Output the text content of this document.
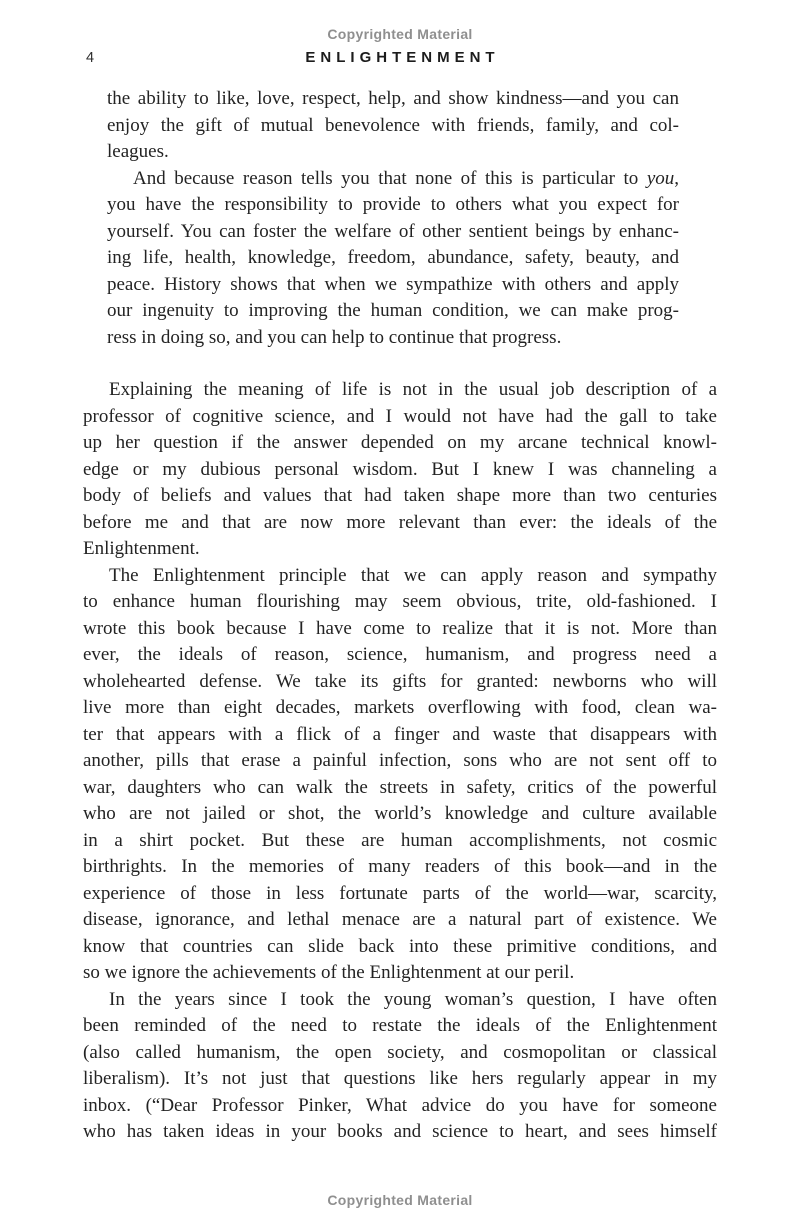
Copyrighted Material
4	ENLIGHTENMENT
the ability to like, love, respect, help, and show kindness—and you can
enjoy the gift of mutual benevolence with friends, family, and col-
leagues.
And because reason tells you that none of this is particular to you,
you have the responsibility to provide to others what you expect for
yourself. You can foster the welfare of other sentient beings by enhanc-
ing life, health, knowledge, freedom, abundance, safety, beauty, and
peace. History shows that when we sympathize with others and apply
our ingenuity to improving the human condition, we can make prog-
ress in doing so, and you can help to continue that progress.
Explaining the meaning of life is not in the usual job description of a
professor of cognitive science, and I would not have had the gall to take
up her question if the answer depended on my arcane technical knowl-
edge or my dubious personal wisdom. But I knew I was channeling a
body of beliefs and values that had taken shape more than two centuries
before me and that are now more relevant than ever: the ideals of the
Enlightenment.
The Enlightenment principle that we can apply reason and sympathy
to enhance human flourishing may seem obvious, trite, old-fashioned. I
wrote this book because I have come to realize that it is not. More than
ever, the ideals of reason, science, humanism, and progress need a
wholehearted defense. We take its gifts for granted: newborns who will
live more than eight decades, markets overflowing with food, clean wa-
ter that appears with a flick of a finger and waste that disappears with
another, pills that erase a painful infection, sons who are not sent off to
war, daughters who can walk the streets in safety, critics of the powerful
who are not jailed or shot, the world’s knowledge and culture available
in a shirt pocket. But these are human accomplishments, not cosmic
birthrights. In the memories of many readers of this book—and in the
experience of those in less fortunate parts of the world—war, scarcity,
disease, ignorance, and lethal menace are a natural part of existence. We
know that countries can slide back into these primitive conditions, and
so we ignore the achievements of the Enlightenment at our peril.
In the years since I took the young woman’s question, I have often
been reminded of the need to restate the ideals of the Enlightenment
(also called humanism, the open society, and cosmopolitan or classical
liberalism). It’s not just that questions like hers regularly appear in my
inbox. (“Dear Professor Pinker, What advice do you have for someone
who has taken ideas in your books and science to heart, and sees himself
Copyrighted Material
